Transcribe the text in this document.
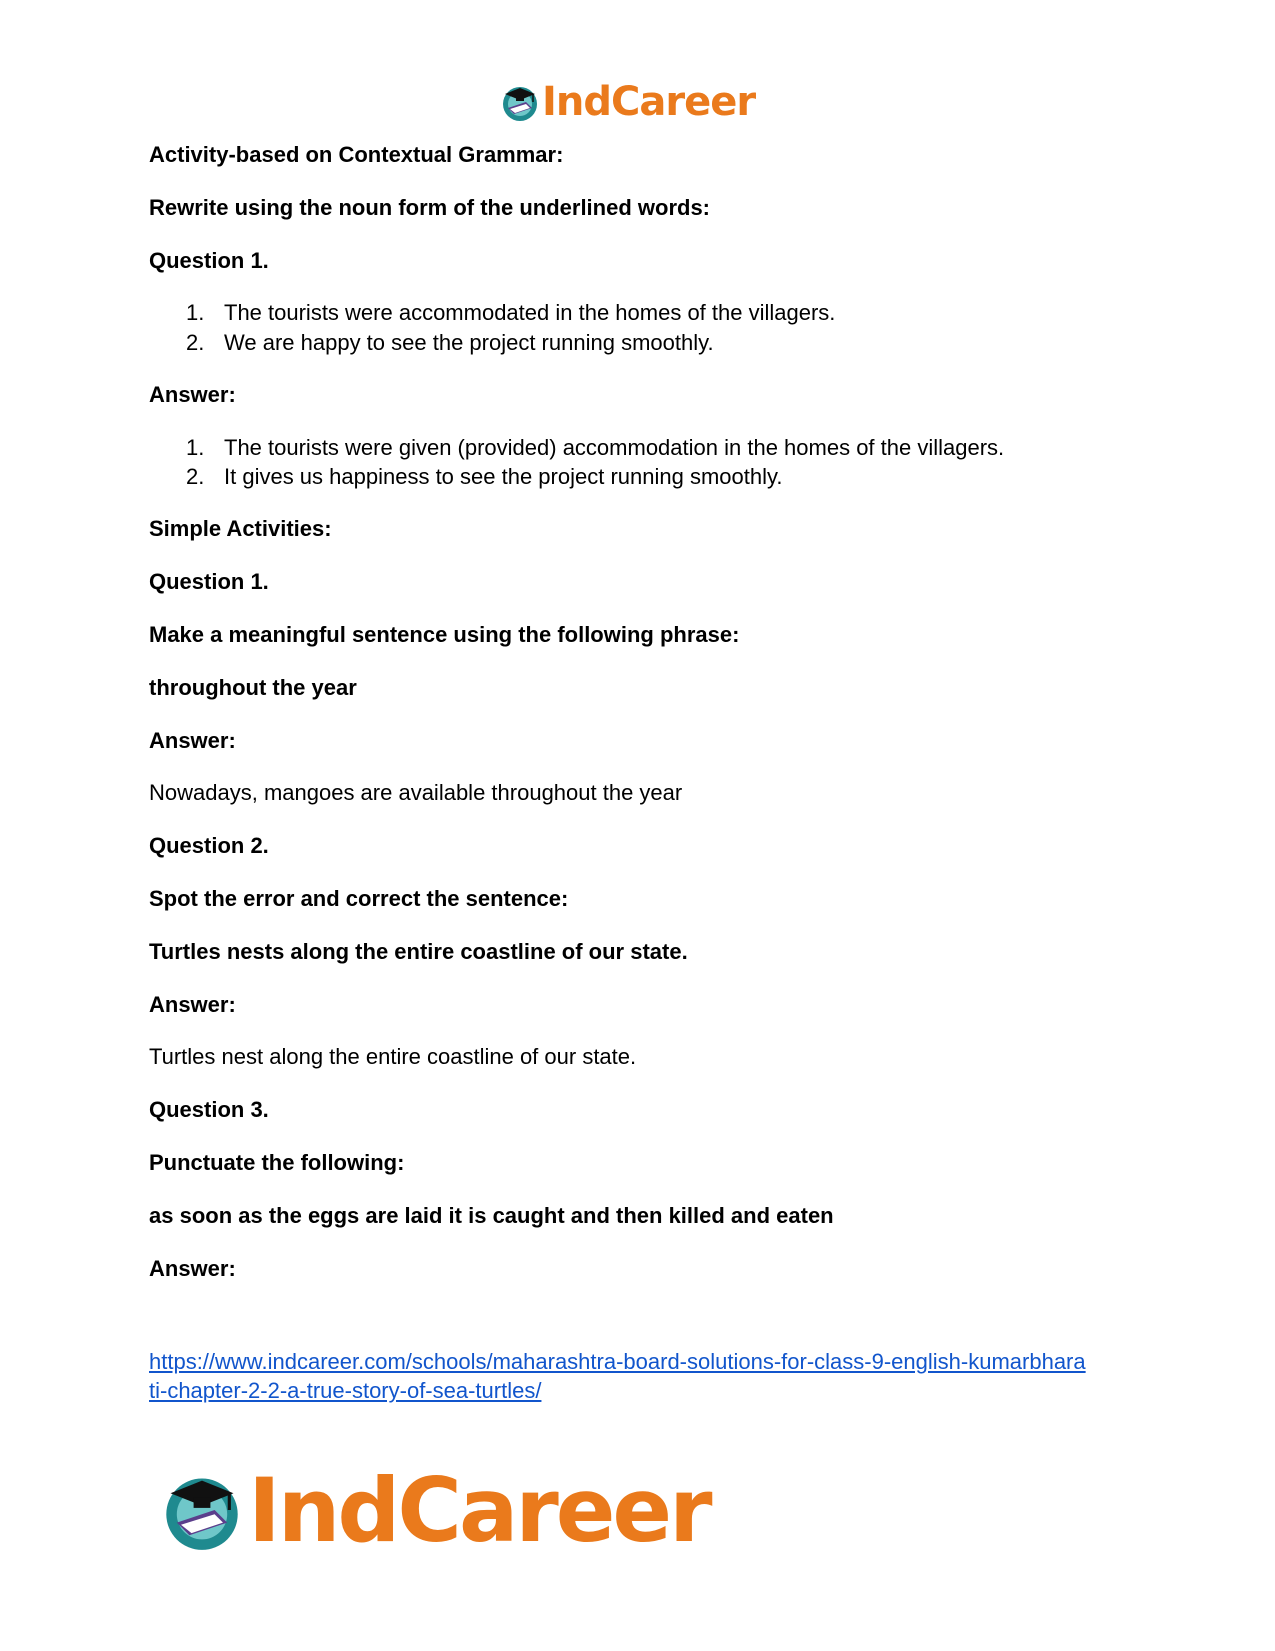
IndCareer
Activity-based on Contextual Grammar:
Rewrite using the noun form of the underlined words:
Question 1.
1. The tourists were accommodated in the homes of the villagers.
2. We are happy to see the project running smoothly.
Answer:
1. The tourists were given (provided) accommodation in the homes of the villagers.
2. It gives us happiness to see the project running smoothly.
Simple Activities:
Question 1.
Make a meaningful sentence using the following phrase:
throughout the year
Answer:
Nowadays, mangoes are available throughout the year
Question 2.
Spot the error and correct the sentence:
Turtles nests along the entire coastline of our state.
Answer:
Turtles nest along the entire coastline of our state.
Question 3.
Punctuate the following:
as soon as the eggs are laid it is caught and then killed and eaten
Answer:
https://www.indcareer.com/schools/maharashtra-board-solutions-for-class-9-english-kumarbhara
ti-chapter-2-2-a-true-story-of-sea-turtles/
IndCareer
